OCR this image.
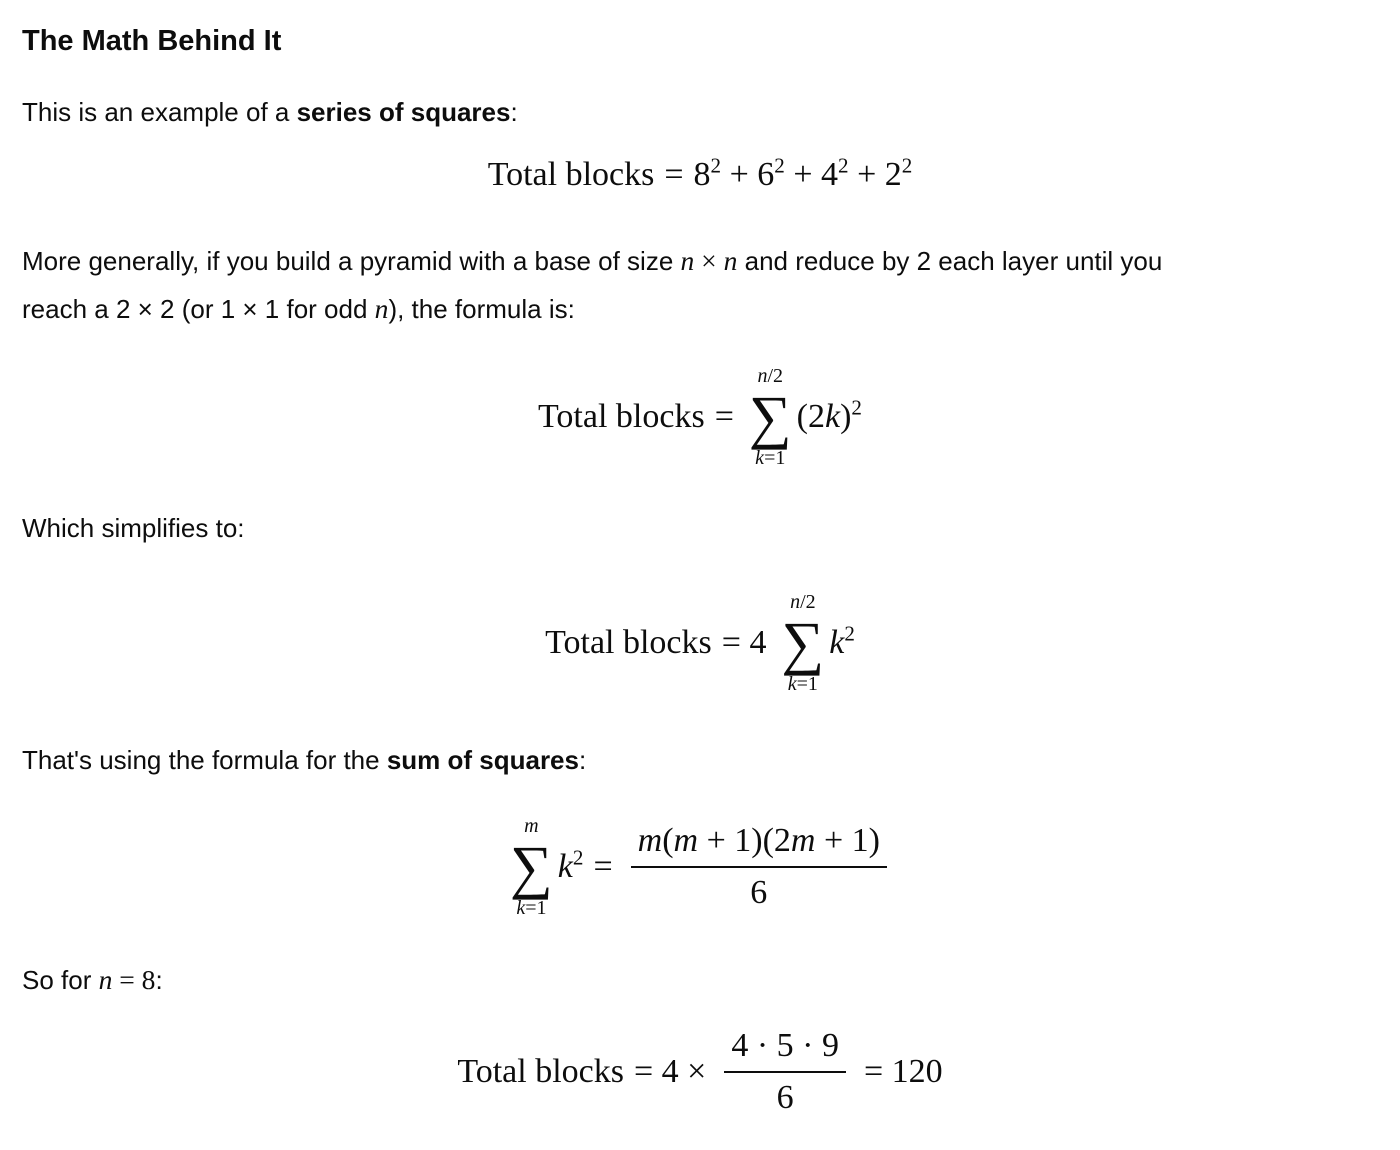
The Math Behind It

This is an example of a series of squares:

Total blocks = $8^2 + 6^2 + 4^2 + 2^2$
More generally, if you build a pyramid with a base of size n × n and reduce by 2 each layer until you
reach a 2 × 2 (or 1 × 1 for odd n), the formula is:
Total blocks =
n/2
∑
k=1
$(2k)^2$

Which simplifies to:

Total blocks = 4
n/2
∑
k=1
$k^2$

That's using the formula for the sum of squares:

m
∑
k=1
$k^2 = \frac{m(m + 1)(2m + 1)}{6}$

So for n = 8:

Total blocks = $4 \times \frac{4 \cdot 5 \cdot 9}{6} = 120$
